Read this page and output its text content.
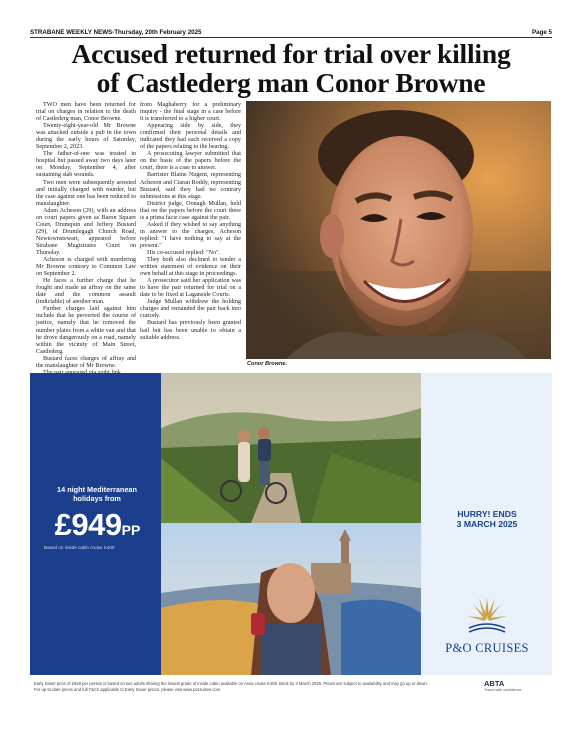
STRABANE WEEKLY NEWS-Thursday, 20th February 2025	Page 5
Accused returned for trial over killing
of Castlederg man Conor Browne

TWO men have been returned for trial on charges in relation to the death of Castlederg man, Conor Browne.

Twenty-eight-year-old Mr Browne was attacked outside a pub in the town during the early hours of Saturday, September 2, 2023.

The father-of-one was treated in hospital but passed away two days later on Monday, September 4, after sustaining stab wounds.

Two men were subsequently arrested and initially charged with murder, but the case against one has been reduced to manslaughter.

Adam Acheson (29), with an address on court papers given as Baron Square Court, Drumquin and Jeffery Bustard (29), of Drumlegagh Church Road, Newtownstewart, appeared before Strabane Magistrates Court on Thursday.

Acheson is charged with murdering Mr Browne contrary to Common Law on September 2.

He faces a further charge that he fought and made an affray on the same date and the common assault (indictable) of another man.

Further charges laid against him include that he perverted the course of justice, namely that he removed the number plates from a white van and that he drove dangerously on a road, namely within the vicinity of Main Street, Castlederg.

Bustard faces charges of affray and the manslaughter of Mr Browne.

from Maghaberry for a preliminary inquiry - the final stage in a case before it is transferred to a higher court.

Appearing side by side, they confirmed their personal details and indicated they had each received a copy of the papers relating to the hearing.

A prosecuting lawyer submitted that on the basis of the papers before the court, there is a case to answer.

Barrister Blaine Nugent, representing Acheson and Ciaran Roddy, representing Bustard, said they had no contrary submissions at this stage.

District judge, Oonagh Mullan, held that on the papers before the court there is a prima facie case against the pair.

Asked if they wished to say anything in answer to the charges, Acheson replied: "I have nothing to say at the present."

His co-accused replied: "No".

They both also declined to tender a written statement of evidence on their own behalf at this stage in proceedings.

A prosecutor said her application was to have the pair returned for trial on a date to be fixed at Laganside Courts.

Judge Mullan withdrew the holding charges and remanded the pair back into custody.

Bustard has previously been granted bail but has been unable to obtain a suitable address.

Conor Browne.
14 night Mediterranean
holidays from
£949PP
Based on inside cabin cruise K409
HURRY! ENDS
3 MARCH 2025
P&O CRUISES
Early Saver price of £949 per person is based on two adults sharing the lowest grade of inside cabin available on Arvia cruise K409. Book by 3 March 2025. Prices are subject to availability and may go up or down.
For up-to-date prices and full T&Cs applicable to Early Saver prices, please visit www.pocruises.com.
ABTA
Travel with confidence
